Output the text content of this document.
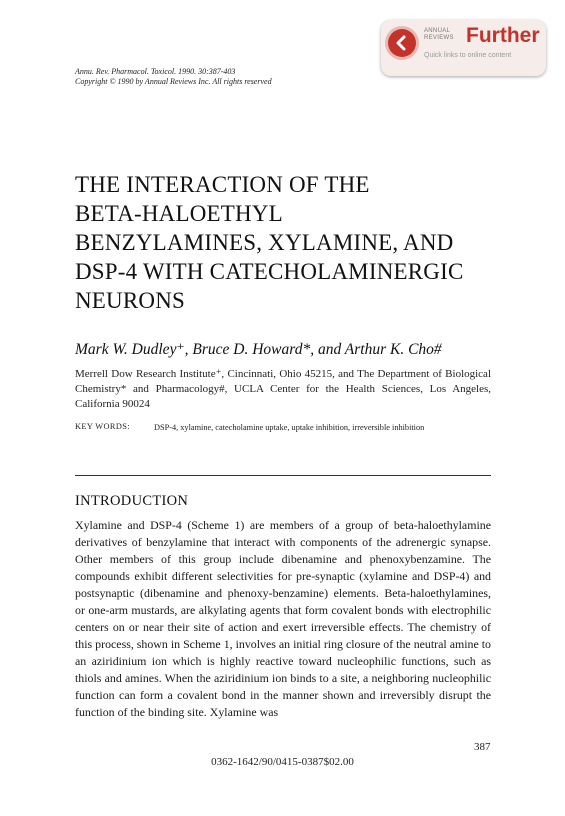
ANNUAL
REVIEWS Further
Quick links to online content
Annu. Rev. Pharmacol. Toxicol. 1990. 30:387-403
Copyright © 1990 by Annual Reviews Inc. All rights reserved
THE INTERACTION OF THE
BETA-HALOETHYL
BENZYLAMINES, XYLAMINE, AND
DSP-4 WITH CATECHOLAMINERGIC
NEURONS
Mark W. Dudley⁺, Bruce D. Howard*, and Arthur K. Cho#
Merrell Dow Research Institute⁺, Cincinnati, Ohio 45215, and The Department of Biological Chemistry* and Pharmacology#, UCLA Center for the Health Sciences, Los Angeles, California 90024
KEY WORDS:	DSP-4, xylamine, catecholamine uptake, uptake inhibition, irreversible inhibition
INTRODUCTION
Xylamine and DSP-4 (Scheme 1) are members of a group of beta-haloethylamine derivatives of benzylamine that interact with components of the adrenergic synapse. Other members of this group include dibenamine and phenoxybenzamine. The compounds exhibit different selectivities for pre-synaptic (xylamine and DSP-4) and postsynaptic (dibenamine and phenoxy-benzamine) elements. Beta-haloethylamines, or one-arm mustards, are alkylating agents that form covalent bonds with electrophilic centers on or near their site of action and exert irreversible effects. The chemistry of this process, shown in Scheme 1, involves an initial ring closure of the neutral amine to an aziridinium ion which is highly reactive toward nucleophilic functions, such as thiols and amines. When the aziridinium ion binds to a site, a neighboring nucleophilic function can form a covalent bond in the manner shown and irreversibly disrupt the function of the binding site. Xylamine was
387
0362-1642/90/0415-0387$02.00
